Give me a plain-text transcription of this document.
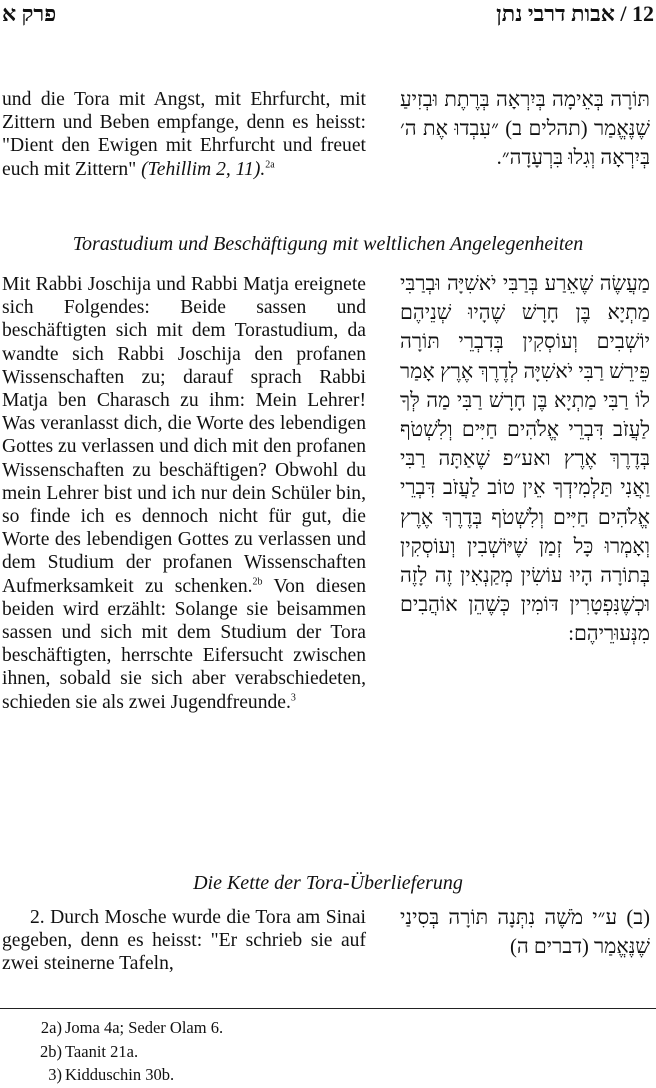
פרק א	12 / אבות דרבי נתן
und die Tora mit Angst, mit Ehrfurcht, mit Zittern und Beben empfange, denn es heisst: "Dient den Ewigen mit Ehrfurcht und freuet euch mit Zittern" (Tehillim 2, 11).$^{2a}$
תּוֹרָה בְּאֵימָה בְּיִרְאָה בְּרֶתֶת וּבְזִיעַ שֶׁנֶּאֱמַר (תהלים ב) ״עִבְדוּ אֶת ה׳ בְּיִרְאָה וְגִלוּ בִּרְעָדָה״.
Torastudium und Beschäftigung mit weltlichen Angelegenheiten
Mit Rabbi Joschija und Rabbi Matja ereignete sich Folgendes: Beide sassen und beschäftigten sich mit dem Torastudium, da wandte sich Rabbi Joschija den profanen Wissenschaften zu; darauf sprach Rabbi Matja ben Charasch zu ihm: Mein Lehrer! Was veranlasst dich, die Worte des lebendigen Gottes zu verlassen und dich mit den profanen Wissenschaften zu beschäftigen? Obwohl du mein Lehrer bist und ich nur dein Schüler bin, so finde ich es dennoch nicht für gut, die Worte des lebendigen Gottes zu verlassen und dem Studium der profanen Wissenschaften Aufmerksamkeit zu schenken.$^{2b}$ Von diesen beiden wird erzählt: Solange sie beisammen sassen und sich mit dem Studium der Tora beschäftigten, herrschte Eifersucht zwischen ihnen, sobald sie sich aber verabschiedeten, schieden sie als zwei Jugendfreunde.$^3$
מַעֲשֶׂה שֶׁאֵרַע בְּרַבִּי יֹאשִׁיָּה וּבְרַבִּי מַתְיָא בֶּן חָרָשׁ שֶׁהָיוּ שְׁנֵיהֶם יוֹשְׁבִים וְעוֹסְקִין בְּדִבְרֵי תּוֹרָה פֵּירֵשׁ רַבִּי יֹאשִׁיָּה לְדֶרֶךְ אֶרֶץ אָמַר לוֹ רַבִּי מַתְיָא בֶּן חָרָשׁ רַבִּי מַה לְּךָ לַעֲזֹב דִּבְרֵי אֱלֹהִים חַיִּים וְלִשְׁטֹף בְּדֶרֶךְ אֶרֶץ ואע״פ שֶׁאַתָּה רַבִּי וַאֲנִי תַּלְמִידְךָ אֵין טוֹב לַעֲזֹב דִּבְרֵי אֱלֹהִים חַיִּים וְלִשְׁטֹף בְּדֶרֶךְ אֶרֶץ וְאָמְרוּ כָּל זְמַן שֶׁיּוֹשְׁבִין וְעוֹסְקִין בְּתוֹרָה הָיוּ עוֹשִׂין מְקַנְאִין זֶה לָזֶה וּכְשֶׁנִּפְטָרִין דּוֹמִין כְּשֶׁהֵן אוֹהֲבִים מִנְּעוּרֵיהֶם:
Die Kette der Tora-Überlieferung
2. Durch Mosche wurde die Tora am Sinai gegeben, denn es heisst: "Er schrieb sie auf zwei steinerne Tafeln,
(ב) ע״י מֹשֶׁה נִתְּנָה תּוֹרָה בְּסִינַי שֶׁנֶּאֱמַר (דברים ה)
2a) Joma 4a; Seder Olam 6.
2b) Taanit 21a.
3) Kidduschin 30b.
